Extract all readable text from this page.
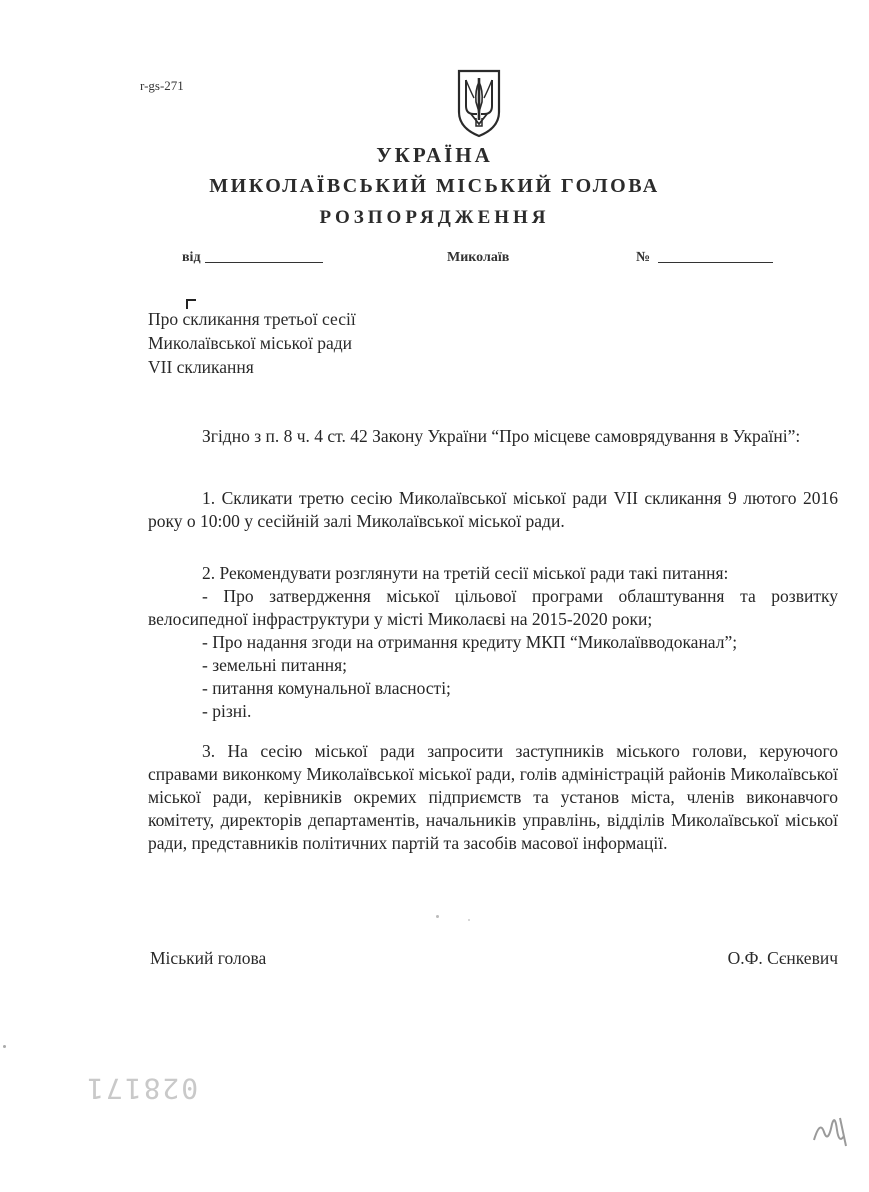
r-gs-271
УКРАЇНА
МИКОЛАЇВСЬКИЙ МІСЬКИЙ ГОЛОВА
РОЗПОРЯДЖЕННЯ
від	Миколаїв	№
Про скликання третьої сесії
Миколаївської міської ради
VII скликання
Згідно з п. 8 ч. 4 ст. 42 Закону України “Про місцеве самоврядування в Україні”:
1. Скликати третю сесію Миколаївської міської ради VII скликання 9 лютого 2016 року о 10:00 у сесійній залі Миколаївської міської ради.
2. Рекомендувати розглянути на третій сесії міської ради такі питання:
- Про затвердження міської цільової програми облаштування та розвитку велосипедної інфраструктури у місті Миколаєві на 2015-2020 роки;
- Про надання згоди на отримання кредиту МКП “Миколаївводоканал”;
- земельні питання;
- питання комунальної власності;
- різні.
3. На сесію міської ради запросити заступників міського голови, керуючого справами виконкому Миколаївської міської ради, голів адміністрацій районів Миколаївської міської ради, керівників окремих підприємств та установ міста, членів виконавчого комітету, директорів департаментів, начальників управлінь, відділів Миколаївської міської ради, представників політичних партій та засобів масової інформації.
Міський голова	О.Ф. Сєнкевич
028171
